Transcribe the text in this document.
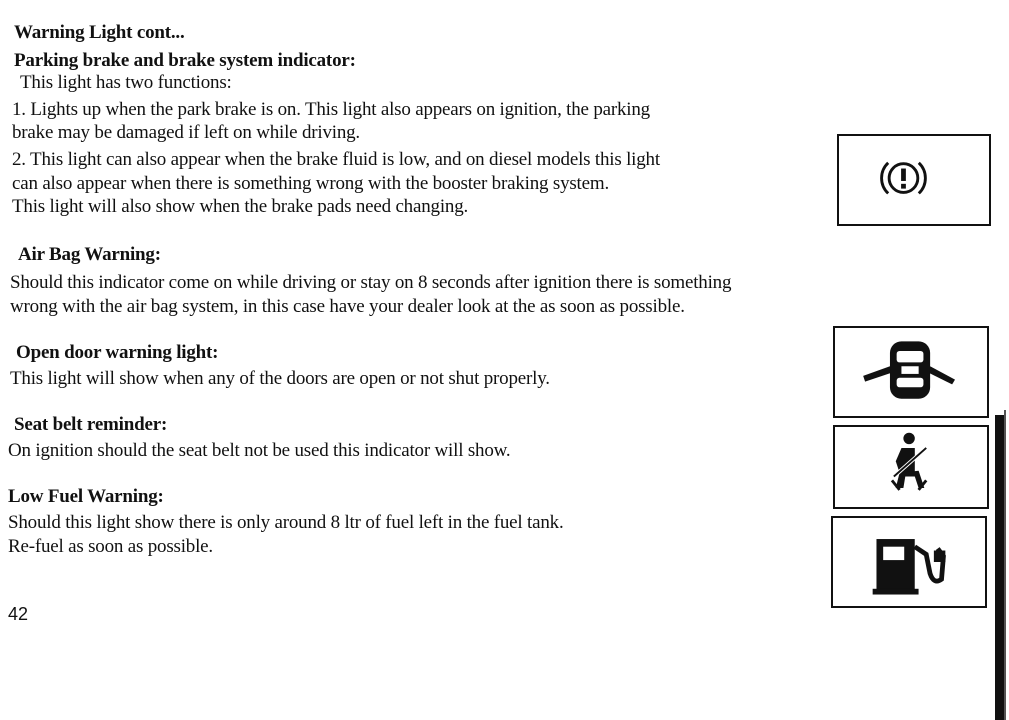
Warning Light cont...
Parking brake and brake system indicator:
This light has two functions:
1. Lights up when the park brake is on. This light also appears on ignition, the parking
brake may be damaged if left on while driving.
2. This light can also appear when the brake fluid is low, and on diesel models this light
can also appear when there is something wrong with the booster braking system.
This light will also show when the brake pads need changing.
Air Bag Warning:
Should this indicator come on while driving or stay on 8 seconds after ignition there is something
wrong with the air bag system, in this case have your dealer look at the as soon as possible.
Open door warning light:
This light will show when any of the doors are open or not shut properly.
Seat belt reminder:
On ignition should the seat belt not be used this indicator will show.
Low Fuel Warning:
Should this light show there is only around 8 ltr of fuel left in the fuel tank.
Re-fuel as soon as possible.
42
